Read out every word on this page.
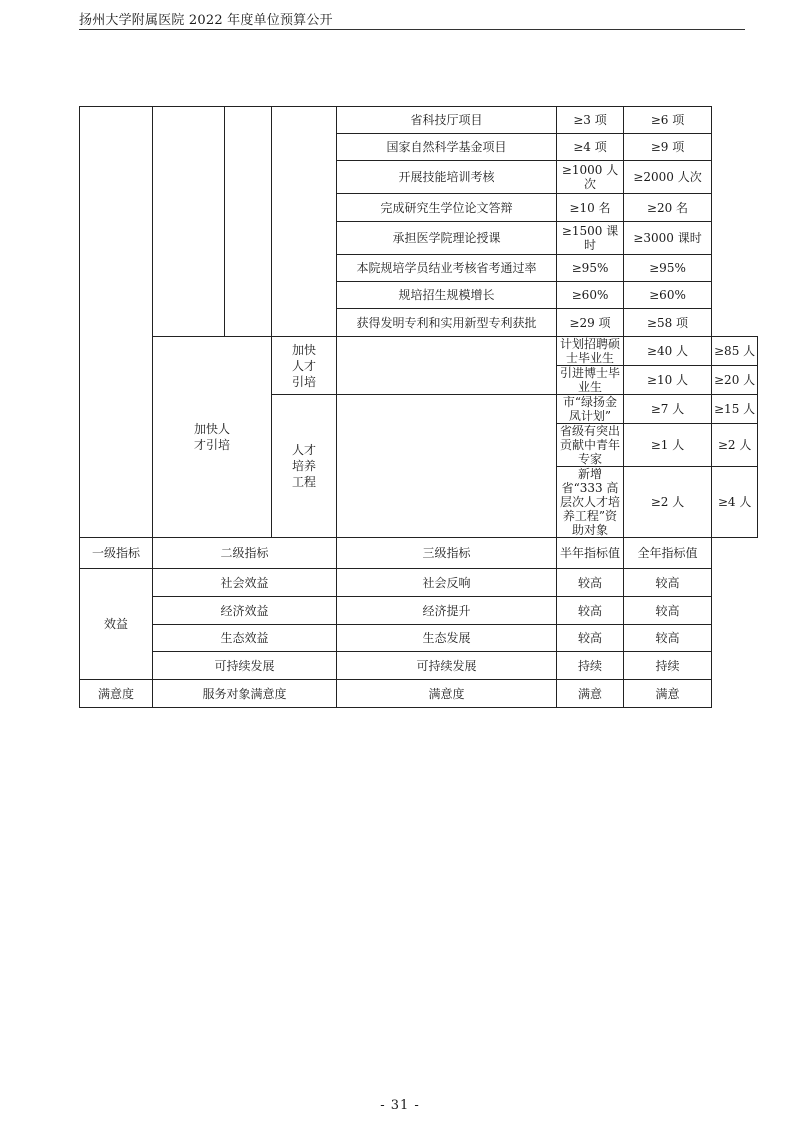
扬州大学附属医院 2022 年度单位预算公开
				省科技厅项目	≥3 项	≥6 项	
				国家自然科学基金项目	≥4 项	≥9 项	
				开展技能培训考核	≥1000 人次	≥2000 人次	
				完成研究生学位论文答辩	≥10 名	≥20 名	
				承担医学院理论授课	≥1500 课时	≥3000 课时	
				本院规培学员结业考核省考通过率	≥95%	≥95%	
				规培招生规模增长	≥60%	≥60%	
				获得发明专利和实用新型专利获批	≥29 项	≥58 项	

	加快人才引培		加快人才引培		计划招聘硕士毕业生	≥40 人	≥85 人
					引进博士毕业生	≥10 人	≥20 人

			人才培养工程		市“绿扬金凤计划”	≥7 人	≥15 人
					省级有突出贡献中青年专家	≥1 人	≥2 人
					新增省“333 高层次人才培养工程”资助对象	≥2 人	≥4 人
一级指标	二级指标			三级指标	半年指标值	全年指标值	
效益	社会效益			社会反响	较高	较高	
	经济效益			经济提升	较高	较高	
	生态效益			生态发展	较高	较高	
	可持续发展			可持续发展	持续	持续	
满意度	服务对象满意度			满意度	满意	满意	
- 31 -
